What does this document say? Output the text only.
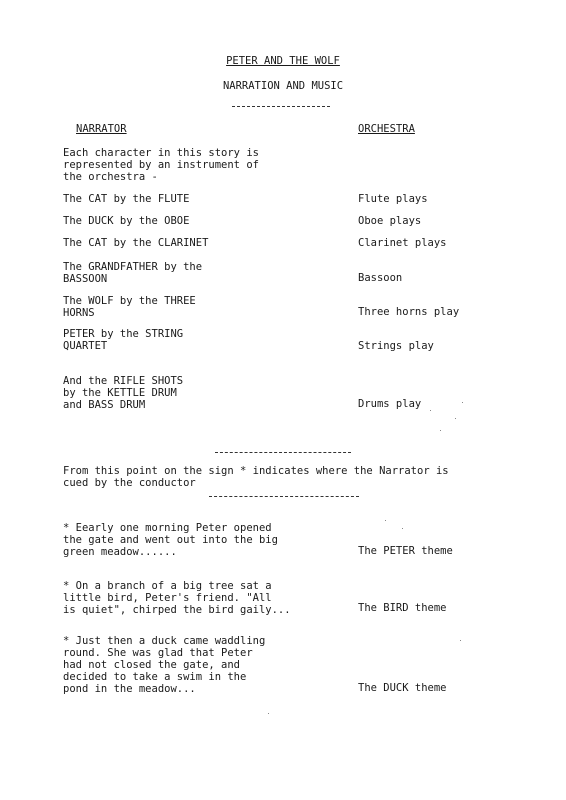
PETER AND THE WOLF
NARRATION AND MUSIC
NARRATOR	ORCHESTRA
Each character in this story is
represented by an instrument of
the orchestra -
The CAT by the FLUTE	Flute plays
The DUCK by the OBOE	Oboe plays
The CAT by the CLARINET	Clarinet plays
The GRANDFATHER by the
BASSOON	Bassoon
The WOLF by the THREE
HORNS	Three horns play
PETER by the STRING
QUARTET	Strings play
And the RIFLE SHOTS
by the KETTLE DRUM
and BASS DRUM	Drums play
From this point on the sign * indicates where the Narrator is
cued by the conductor
* Eearly one morning Peter opened
the gate and went out into the big
green meadow......	The PETER theme
* On a branch of a big tree sat a
little bird, Peter's friend. "All
is quiet", chirped the bird gaily...	The BIRD theme
* Just then a duck came waddling
round. She was glad that Peter
had not closed the gate, and
decided to take a swim in the
pond in the meadow...	The DUCK theme
